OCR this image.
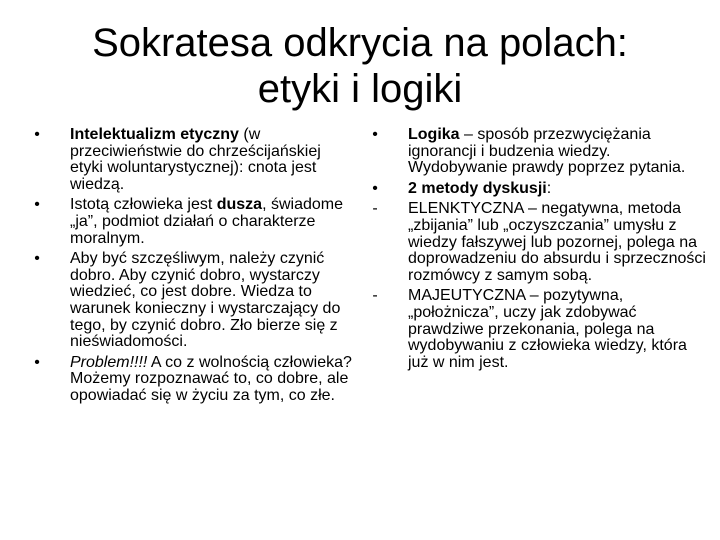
Sokratesa odkrycia na polach:
etyki i logiki
• Intelektualizm etyczny (w przeciwieństwie do chrześcijańskiej etyki woluntarystycznej): cnota jest wiedzą.
• Istotą człowieka jest dusza, świadome „ja”, podmiot działań o charakterze moralnym.
• Aby być szczęśliwym, należy czynić dobro. Aby czynić dobro, wystarczy wiedzieć, co jest dobre. Wiedza to warunek konieczny i wystarczający do tego, by czynić dobro. Zło bierze się z nieświadomości.
• Problem!!!! A co z wolnością człowieka? Możemy rozpoznawać to, co dobre, ale opowiadać się w życiu za tym, co złe.
• Logika – sposób przezwyciężania ignorancji i budzenia wiedzy. Wydobywanie prawdy poprzez pytania.
• 2 metody dyskusji:
- ELENKTYCZNA – negatywna, metoda „zbijania” lub „oczyszczania” umysłu z wiedzy fałszywej lub pozornej, polega na doprowadzeniu do absurdu i sprzeczności rozmówcy z samym sobą.
- MAJEUTYCZNA – pozytywna, „położnicza”, uczy jak zdobywać prawdziwe przekonania, polega na wydobywaniu z człowieka wiedzy, która już w nim jest.
